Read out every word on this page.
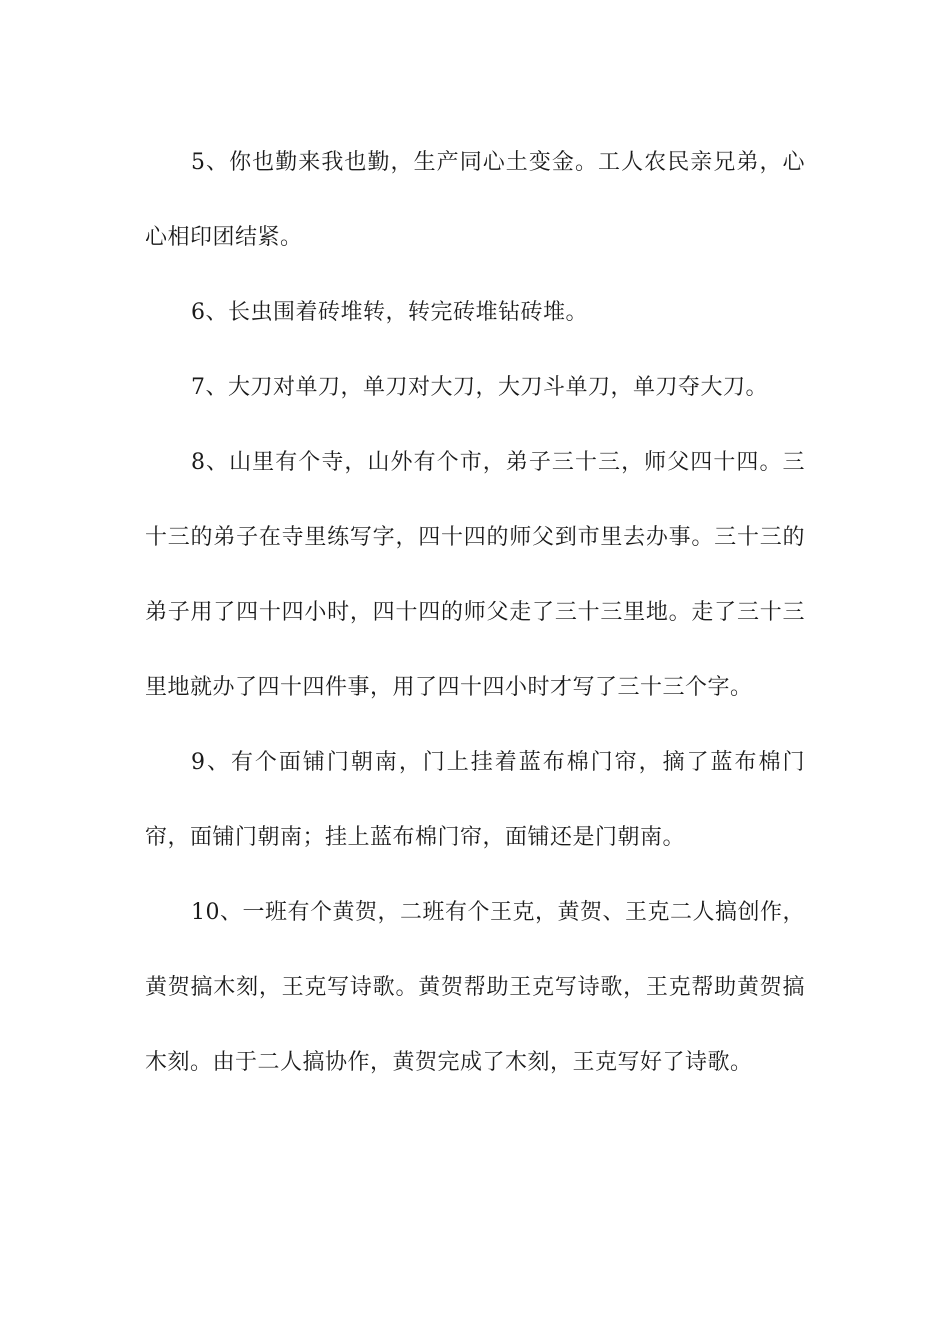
5、你也勤来我也勤，生产同心土变金。工人农民亲兄弟，心心相印团结紧。

6、长虫围着砖堆转，转完砖堆钻砖堆。

7、大刀对单刀，单刀对大刀，大刀斗单刀，单刀夺大刀。

8、山里有个寺，山外有个市，弟子三十三，师父四十四。三十三的弟子在寺里练写字，四十四的师父到市里去办事。三十三的弟子用了四十四小时，四十四的师父走了三十三里地。走了三十三里地就办了四十四件事，用了四十四小时才写了三十三个字。

9、有个面铺门朝南，门上挂着蓝布棉门帘，摘了蓝布棉门帘，面铺门朝南；挂上蓝布棉门帘，面铺还是门朝南。

10、一班有个黄贺，二班有个王克，黄贺、王克二人搞创作，黄贺搞木刻，王克写诗歌。黄贺帮助王克写诗歌，王克帮助黄贺搞木刻。由于二人搞协作，黄贺完成了木刻，王克写好了诗歌。
